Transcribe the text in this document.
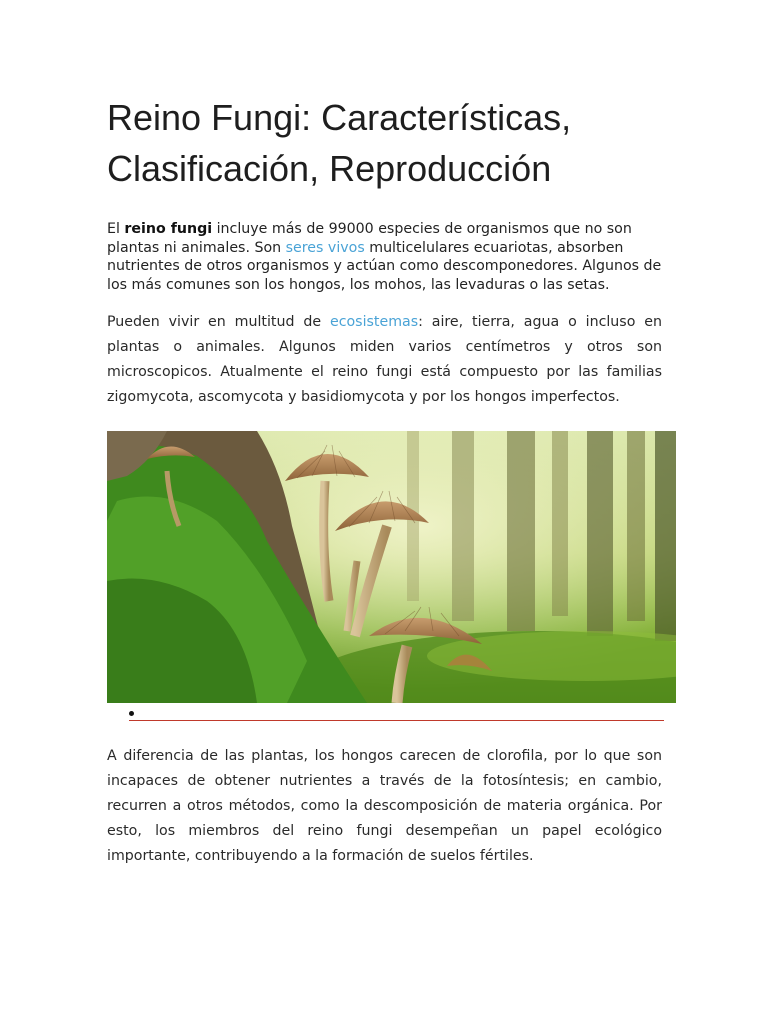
Reino Fungi: Características,
Clasificación, Reproducción

El reino fungi incluye más de 99000 especies de organismos que no son plantas ni animales. Son seres vivos multicelulares ecuariotas, absorben nutrientes de otros organismos y actúan como descomponedores. Algunos de los más comunes son los hongos, los mohos, las levaduras o las setas.

Pueden vivir en multitud de ecosistemas: aire, tierra, agua o incluso en plantas o animales. Algunos miden varios centímetros y otros son microscopicos. Atualmente el reino fungi está compuesto por las familias zigomycota, ascomycota y basidiomycota y por los hongos imperfectos.

A diferencia de las plantas, los hongos carecen de clorofila, por lo que son incapaces de obtener nutrientes a través de la fotosíntesis; en cambio, recurren a otros métodos, como la descomposición de materia orgánica. Por esto, los miembros del reino fungi desempeñan un papel ecológico importante, contribuyendo a la formación de suelos fértiles.
